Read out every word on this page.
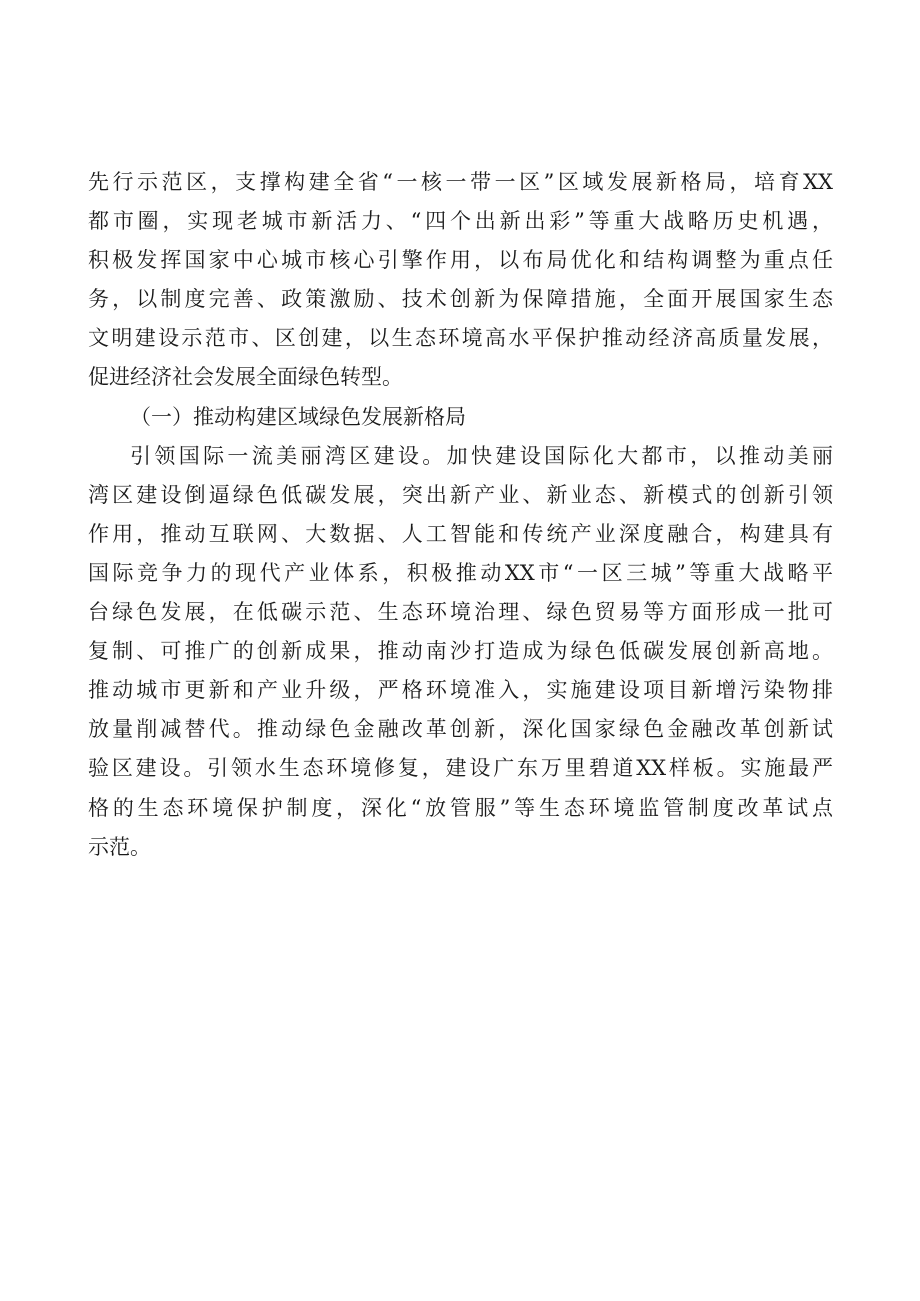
先行示范区，支撑构建全省“一核一带一区”区域发展新格局，培育XX
都市圈，实现老城市新活力、“四个出新出彩”等重大战略历史机遇，
积极发挥国家中心城市核心引擎作用，以布局优化和结构调整为重点任
务，以制度完善、政策激励、技术创新为保障措施，全面开展国家生态
文明建设示范市、区创建，以生态环境高水平保护推动经济高质量发展，
促进经济社会发展全面绿色转型。
（一）推动构建区域绿色发展新格局
引领国际一流美丽湾区建设。加快建设国际化大都市，以推动美丽
湾区建设倒逼绿色低碳发展，突出新产业、新业态、新模式的创新引领
作用，推动互联网、大数据、人工智能和传统产业深度融合，构建具有
国际竞争力的现代产业体系，积极推动XX市“一区三城”等重大战略平
台绿色发展，在低碳示范、生态环境治理、绿色贸易等方面形成一批可
复制、可推广的创新成果，推动南沙打造成为绿色低碳发展创新高地。
推动城市更新和产业升级，严格环境准入，实施建设项目新增污染物排
放量削减替代。推动绿色金融改革创新，深化国家绿色金融改革创新试
验区建设。引领水生态环境修复，建设广东万里碧道XX样板。实施最严
格的生态环境保护制度，深化“放管服”等生态环境监管制度改革试点
示范。
